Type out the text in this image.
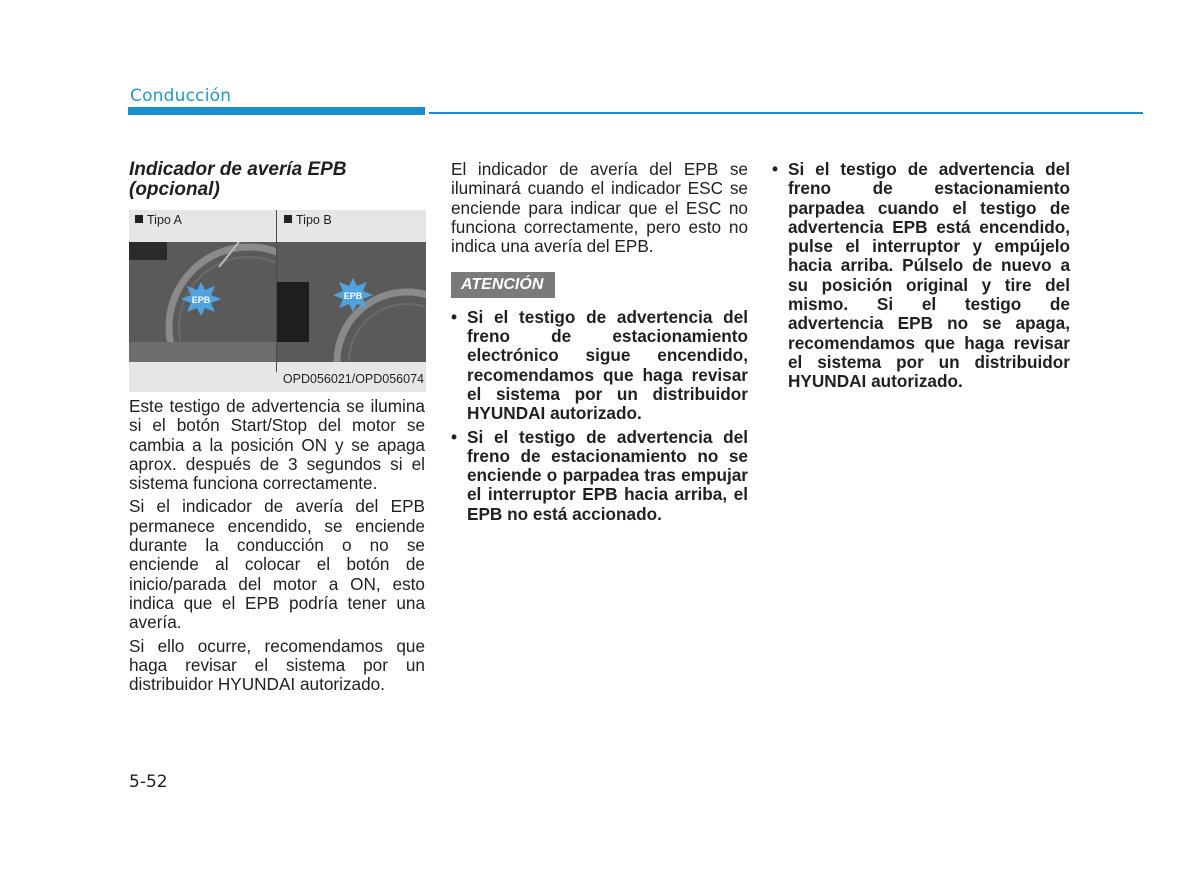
Conducción
Indicador de avería EPB (opcional)
Tipo A	Tipo B
EPB	EPB
OPD056021/OPD056074

Este testigo de advertencia se ilumina si el botón Start/Stop del motor se cambia a la posición ON y se apaga aprox. después de 3 segundos si el sistema funciona correctamente.

Si el indicador de avería del EPB permanece encendido, se enciende durante la conducción o no se enciende al colocar el botón de inicio/parada del motor a ON, esto indica que el EPB podría tener una avería.

Si ello ocurre, recomendamos que haga revisar el sistema por un distribuidor HYUNDAI autorizado.

El indicador de avería del EPB se iluminará cuando el indicador ESC se enciende para indicar que el ESC no funciona correctamente, pero esto no indica una avería del EPB.

ATENCIÓN
• Si el testigo de advertencia del freno de estacionamiento electrónico sigue encendido, recomendamos que haga revisar el sistema por un distribuidor HYUNDAI autorizado.
• Si el testigo de advertencia del freno de estacionamiento no se enciende o parpadea tras empujar el interruptor EPB hacia arriba, el EPB no está accionado.
• Si el testigo de advertencia del freno de estacionamiento parpadea cuando el testigo de advertencia EPB está encendido, pulse el interruptor y empújelo hacia arriba. Púlselo de nuevo a su posición original y tire del mismo. Si el testigo de advertencia EPB no se apaga, recomendamos que haga revisar el sistema por un distribuidor HYUNDAI autorizado.
5-52
